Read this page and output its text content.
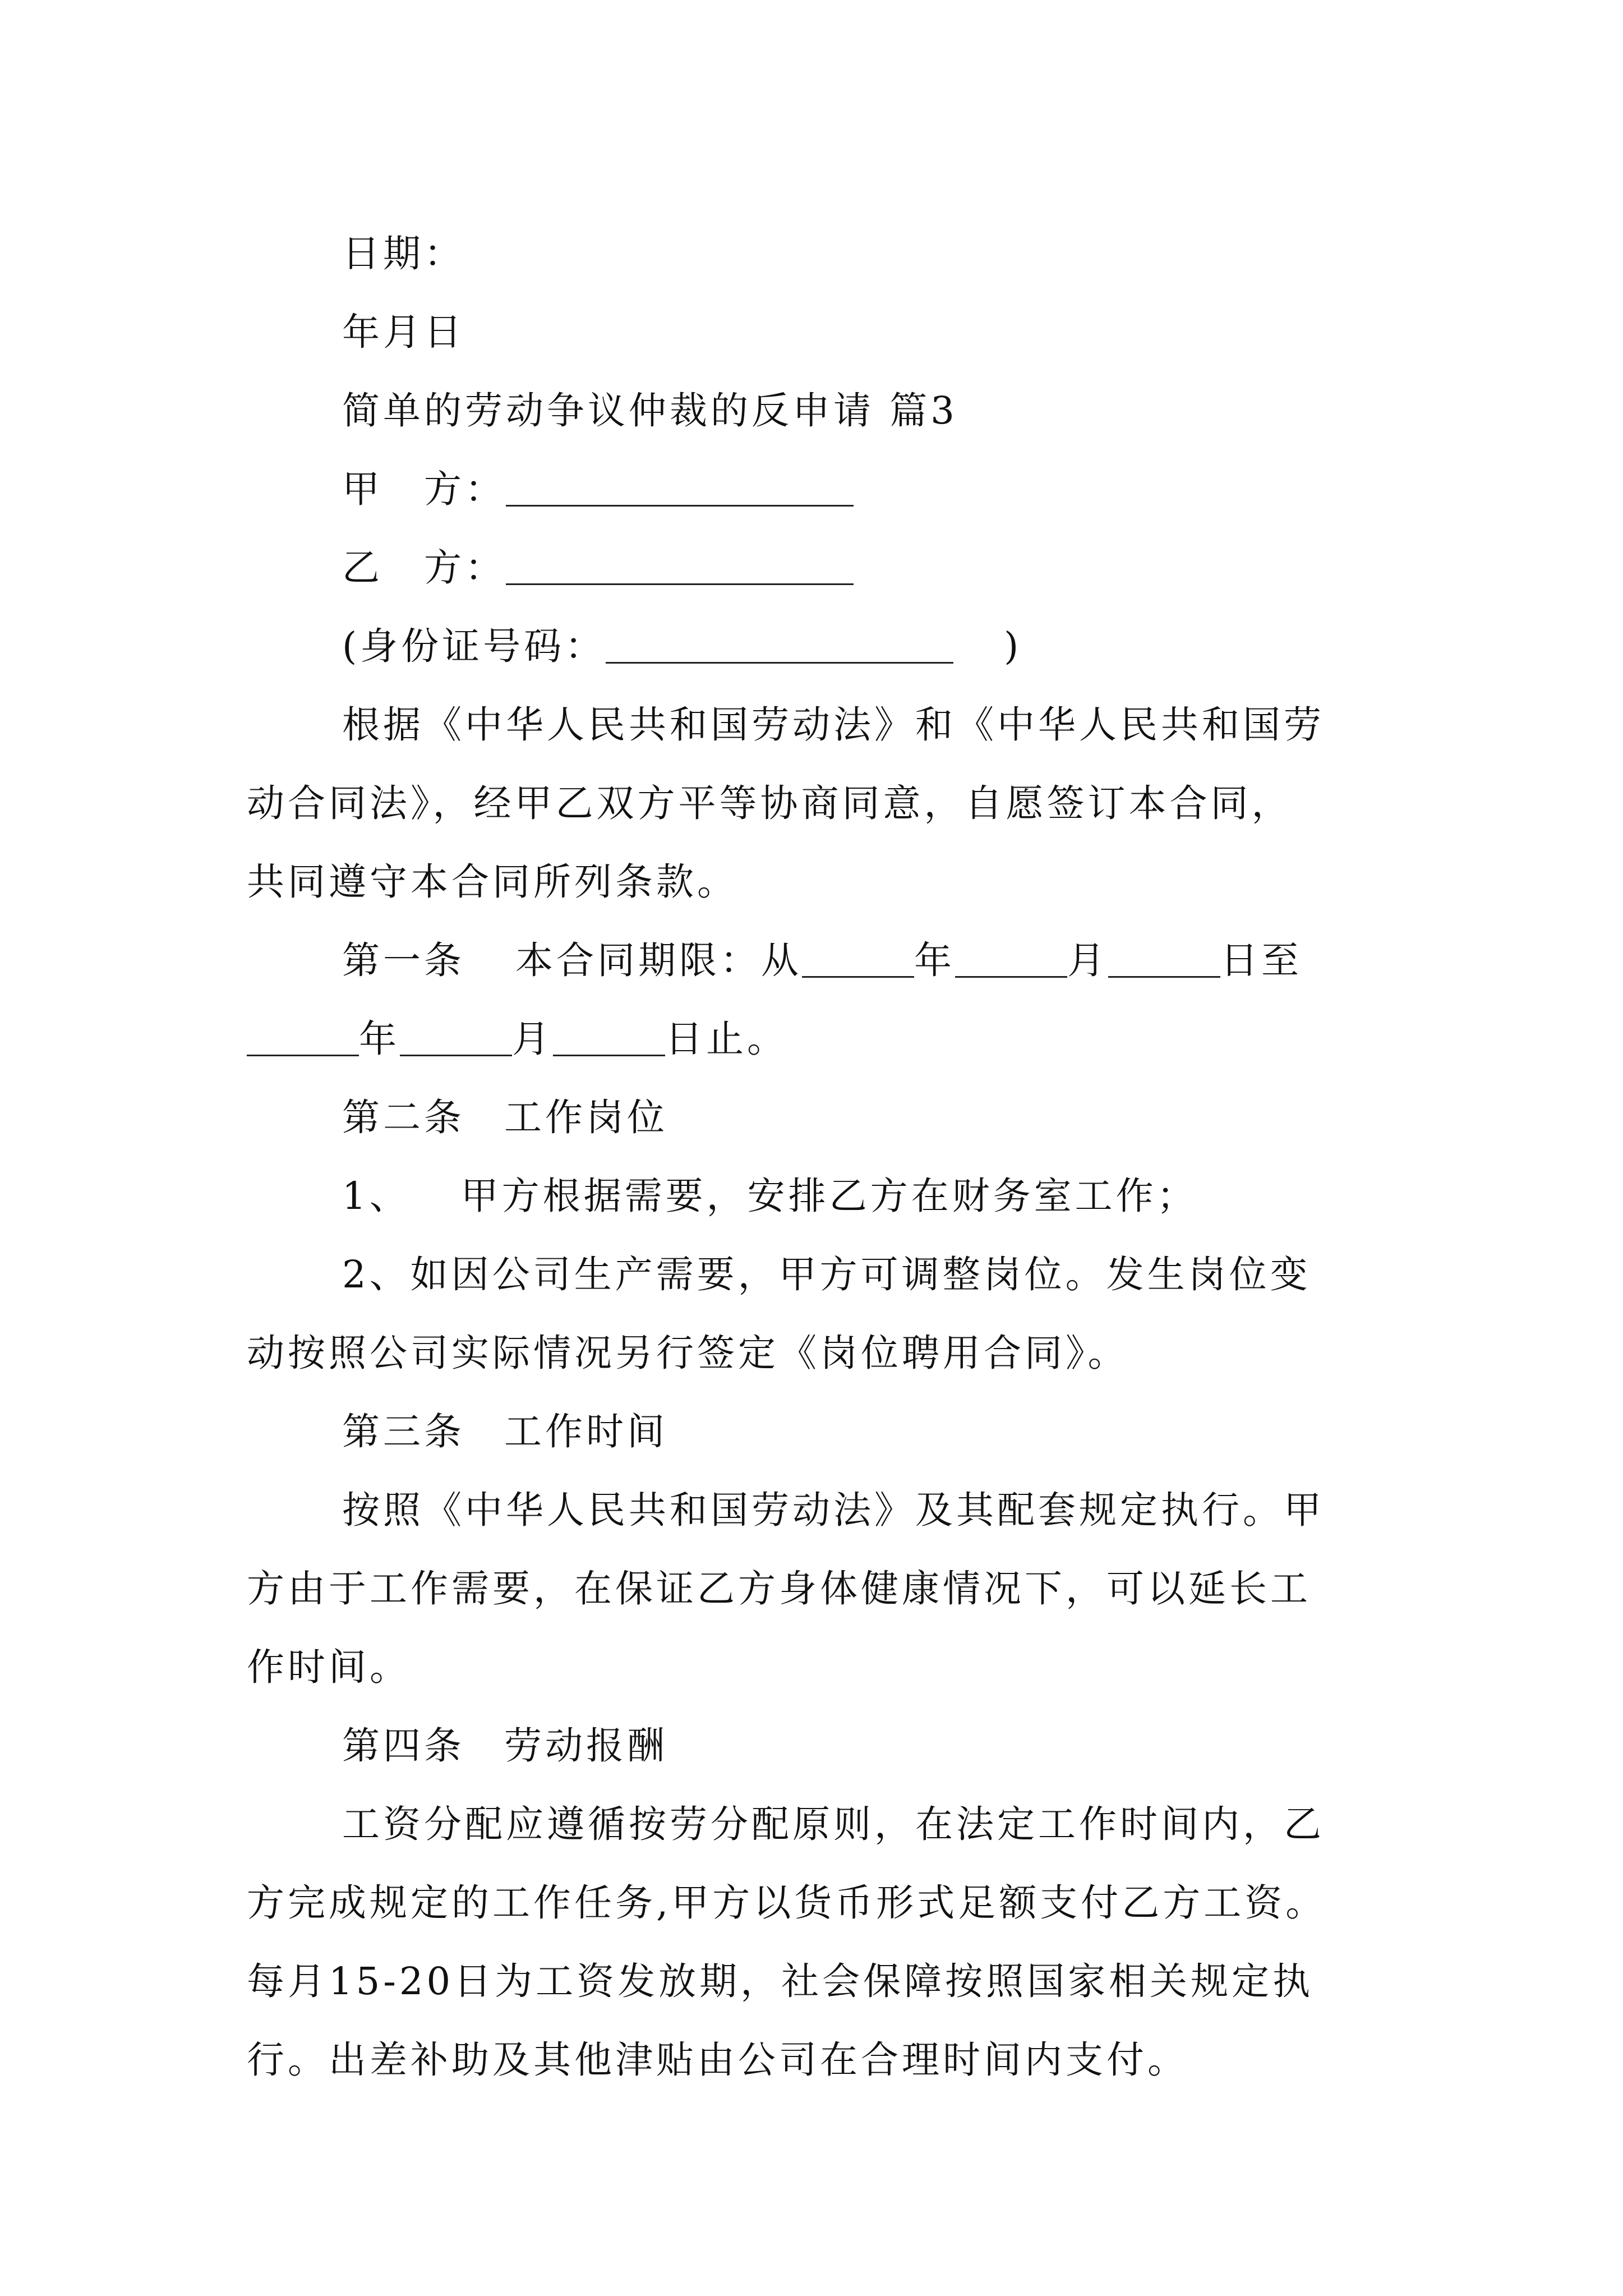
日期：
年月日
简单的劳动争议仲裁的反申请 篇3
甲　方：
乙　方：
(身份证号码：	)
根据《中华人民共和国劳动法》和《中华人民共和国劳
动合同法》，经甲乙双方平等协商同意，自愿签订本合同，
共同遵守本合同所列条款。
第一条 本合同期限：从	年	月	日至
年	月	日止。
第二条 工作岗位
1、 甲方根据需要，安排乙方在财务室工作；
2、如因公司生产需要，甲方可调整岗位。发生岗位变
动按照公司实际情况另行签定《岗位聘用合同》。
第三条 工作时间
按照《中华人民共和国劳动法》及其配套规定执行。甲
方由于工作需要，在保证乙方身体健康情况下，可以延长工
作时间。
第四条 劳动报酬
工资分配应遵循按劳分配原则，在法定工作时间内，乙
方完成规定的工作任务,甲方以货币形式足额支付乙方工资。
每月15-20日为工资发放期，社会保障按照国家相关规定执
行。出差补助及其他津贴由公司在合理时间内支付。
